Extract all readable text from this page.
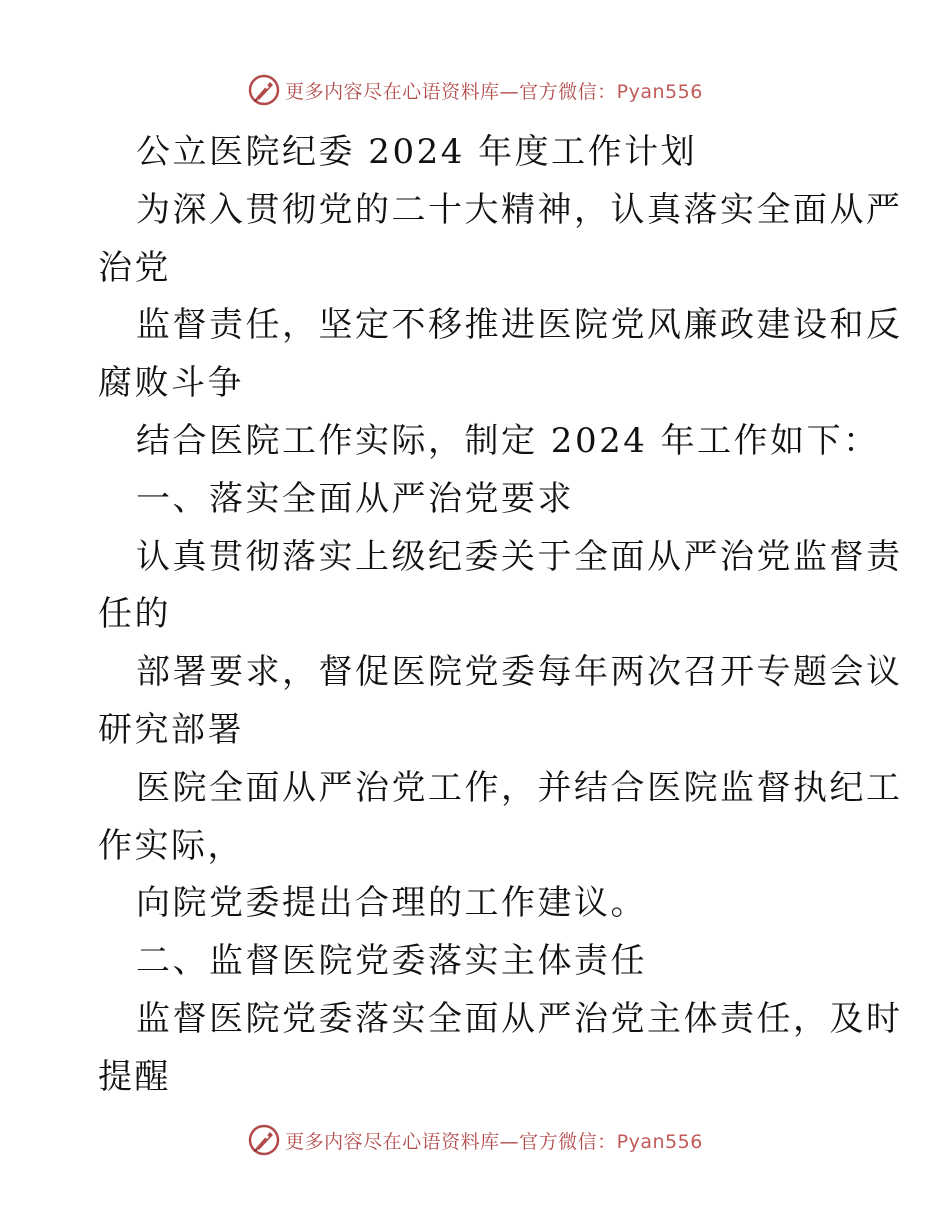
更多内容尽在心语资料库—官方微信：Pyan556
公立医院纪委 2024 年度工作计划
为深入贯彻党的二十大精神，认真落实全面从严
治党
监督责任，坚定不移推进医院党风廉政建设和反
腐败斗争
结合医院工作实际，制定 2024 年工作如下：
一、落实全面从严治党要求
认真贯彻落实上级纪委关于全面从严治党监督责
任的
部署要求，督促医院党委每年两次召开专题会议
研究部署
医院全面从严治党工作，并结合医院监督执纪工
作实际，
向院党委提出合理的工作建议。
二、监督医院党委落实主体责任
监督医院党委落实全面从严治党主体责任，及时
提醒
更多内容尽在心语资料库—官方微信：Pyan556
